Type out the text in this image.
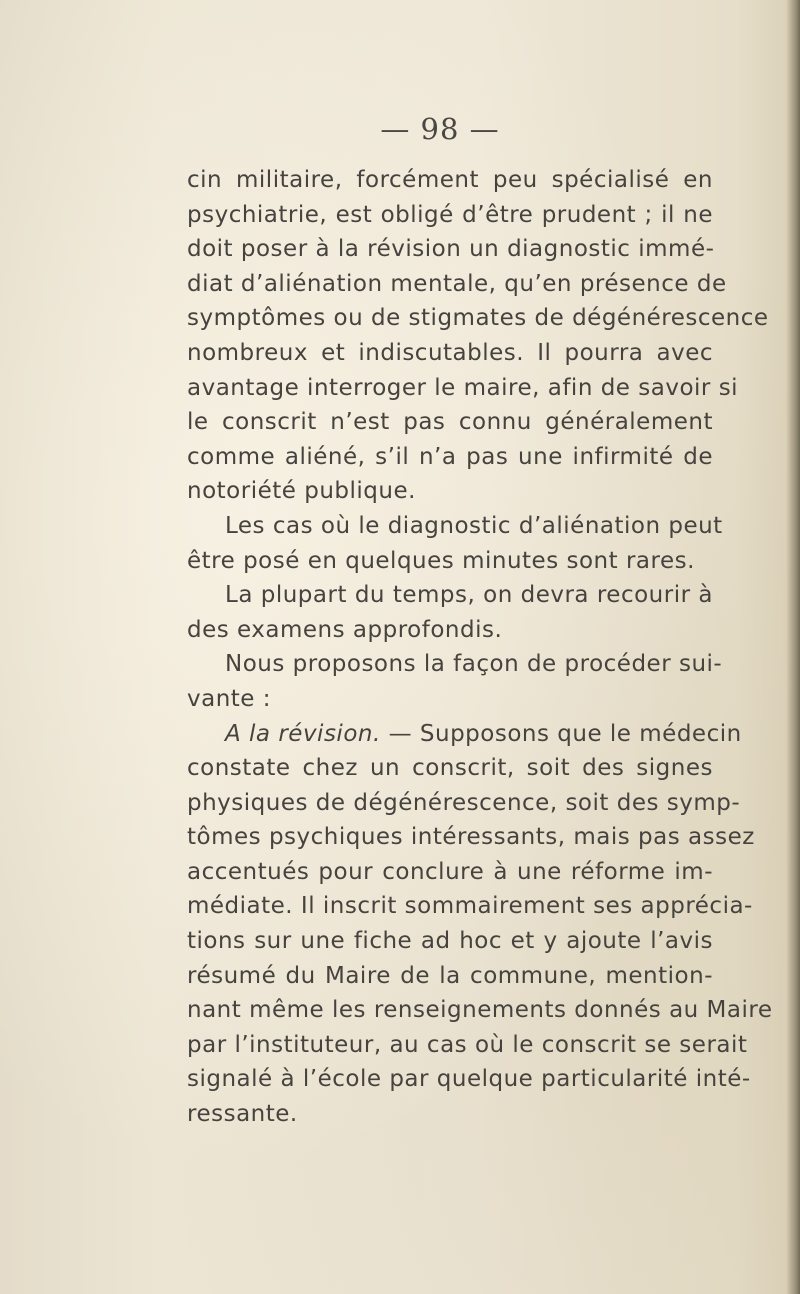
— 98 —
cin militaire, forcément peu spécialisé en
psychiatrie, est obligé d’être prudent ; il ne
doit poser à la révision un diagnostic immé-
diat d’aliénation mentale, qu’en présence de
symptômes ou de stigmates de dégénérescence
nombreux et indiscutables. Il pourra avec
avantage interroger le maire, afin de savoir si
le conscrit n’est pas connu généralement
comme aliéné, s’il n’a pas une infirmité de
notoriété publique.
Les cas où le diagnostic d’aliénation peut
être posé en quelques minutes sont rares.
La plupart du temps, on devra recourir à
des examens approfondis.
Nous proposons la façon de procéder sui-
vante :
A la révision. — Supposons que le médecin
constate chez un conscrit, soit des signes
physiques de dégénérescence, soit des symp-
tômes psychiques intéressants, mais pas assez
accentués pour conclure à une réforme im-
médiate. Il inscrit sommairement ses apprécia-
tions sur une fiche ad hoc et y ajoute l’avis
résumé du Maire de la commune, mention-
nant même les renseignements donnés au Maire
par l’instituteur, au cas où le conscrit se serait
signalé à l’école par quelque particularité inté-
ressante.
